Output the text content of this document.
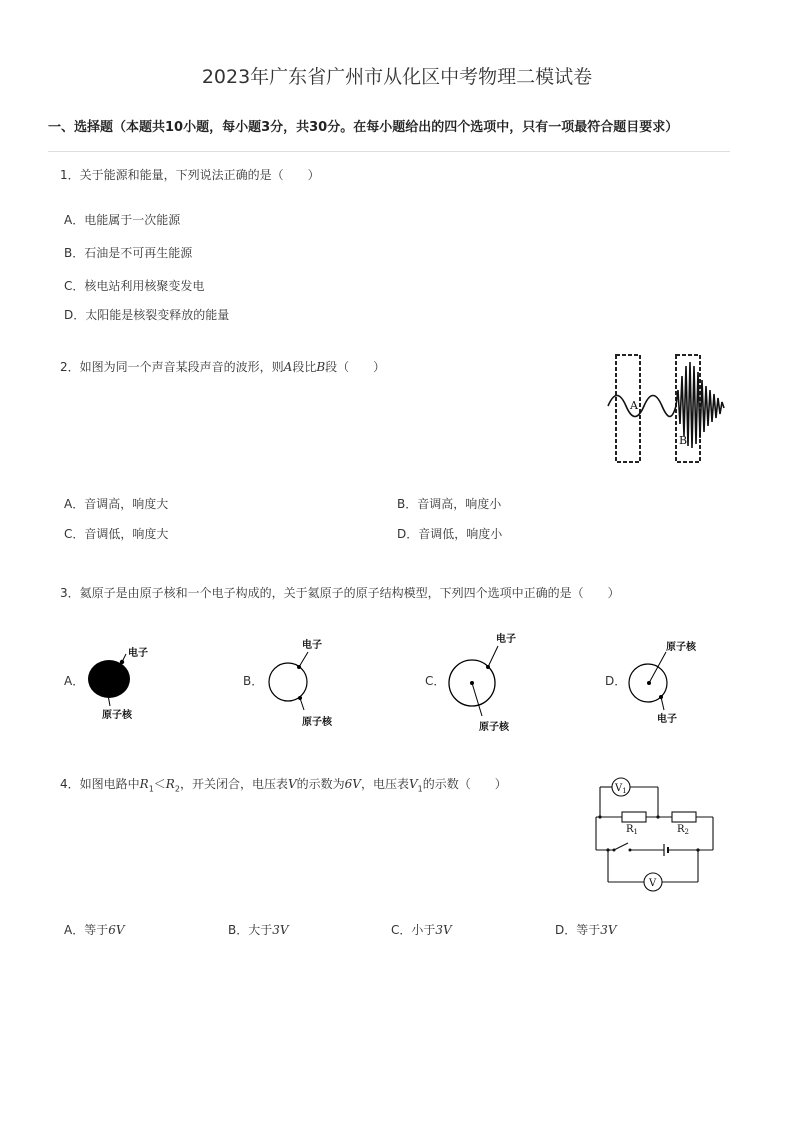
2023年广东省广州市从化区中考物理二模试卷
一、选择题（本题共10小题，每小题3分，共30分。在每小题给出的四个选项中，只有一项最符合题目要求）
1．关于能源和能量，下列说法正确的是（　　）
A．电能属于一次能源
B．石油是不可再生能源
C．核电站利用核聚变发电
D．太阳能是核裂变释放的能量
2．如图为同一个声音某段声音的波形，则A段比B段（　　）
A
B
A．音调高，响度大	B．音调高，响度小
C．音调低，响度大	D．音调低，响度小
3．氦原子是由原子核和一个电子构成的，关于氦原子的原子结构模型，下列四个选项中正确的是（　　）
A．
电子
原子核
B．
电子
原子核
C．
电子
原子核
D．
原子核
电子
4．如图电路中$R_1<R_2$，开关闭合，电压表V的示数为6V，电压表$V_1$的示数（　　）	$V_1$
$R_1$	$R_2$
V
A．等于6V	B．大于3V	C．小于3V	D．等于3V
